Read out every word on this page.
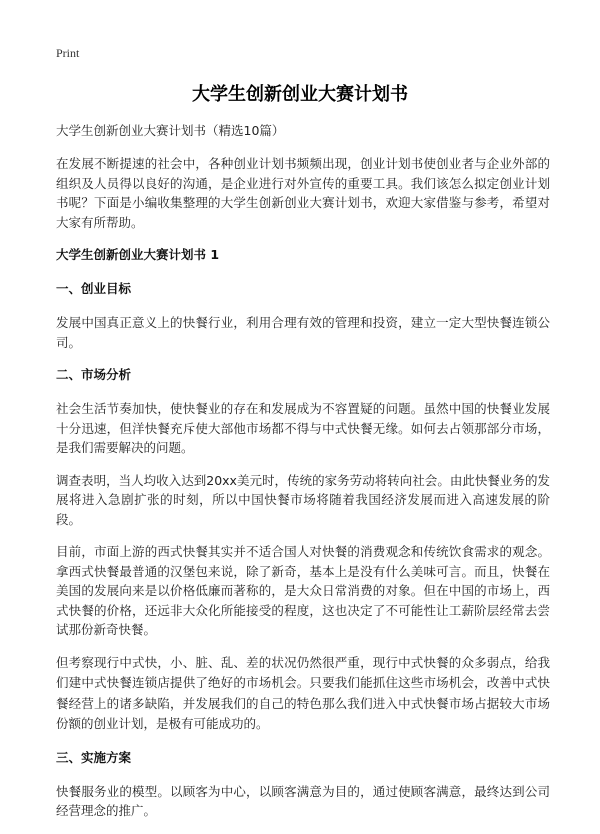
Print
大学生创新创业大赛计划书

大学生创新创业大赛计划书（精选10篇）

在发展不断提速的社会中，各种创业计划书频频出现，创业计划书使创业者与企业外部的组织及人员得以良好的沟通，是企业进行对外宣传的重要工具。我们该怎么拟定创业计划书呢？下面是小编收集整理的大学生创新创业大赛计划书，欢迎大家借鉴与参考，希望对大家有所帮助。

大学生创新创业大赛计划书 1

一、创业目标

发展中国真正意义上的快餐行业，利用合理有效的管理和投资，建立一定大型快餐连锁公司。

二、市场分析

社会生活节奏加快，使快餐业的存在和发展成为不容置疑的问题。虽然中国的快餐业发展十分迅速，但洋快餐充斥使大部他市场都不得与中式快餐无缘。如何去占领那部分市场，是我们需要解决的问题。

调查表明，当人均收入达到20xx美元时，传统的家务劳动将转向社会。由此快餐业务的发展将进入急剧扩张的时刻，所以中国快餐市场将随着我国经济发展而进入高速发展的阶段。

目前，市面上游的西式快餐其实并不适合国人对快餐的消费观念和传统饮食需求的观念。拿西式快餐最普通的汉堡包来说，除了新奇，基本上是没有什么美味可言。而且，快餐在美国的发展向来是以价格低廉而著称的，是大众日常消费的对象。但在中国的市场上，西式快餐的价格，还远非大众化所能接受的程度，这也决定了不可能性让工薪阶层经常去尝试那份新奇快餐。

但考察现行中式快，小、脏、乱、差的状况仍然很严重，现行中式快餐的众多弱点，给我们建中式快餐连锁店提供了绝好的市场机会。只要我们能抓住这些市场机会，改善中式快餐经营上的诸多缺陷，并发展我们的自己的特色那么我们进入中式快餐市场占据较大市场份额的创业计划，是极有可能成功的。

三、实施方案

快餐服务业的模型。以顾客为中心，以顾客满意为目的，通过使顾客满意，最终达到公司经营理念的推广。
